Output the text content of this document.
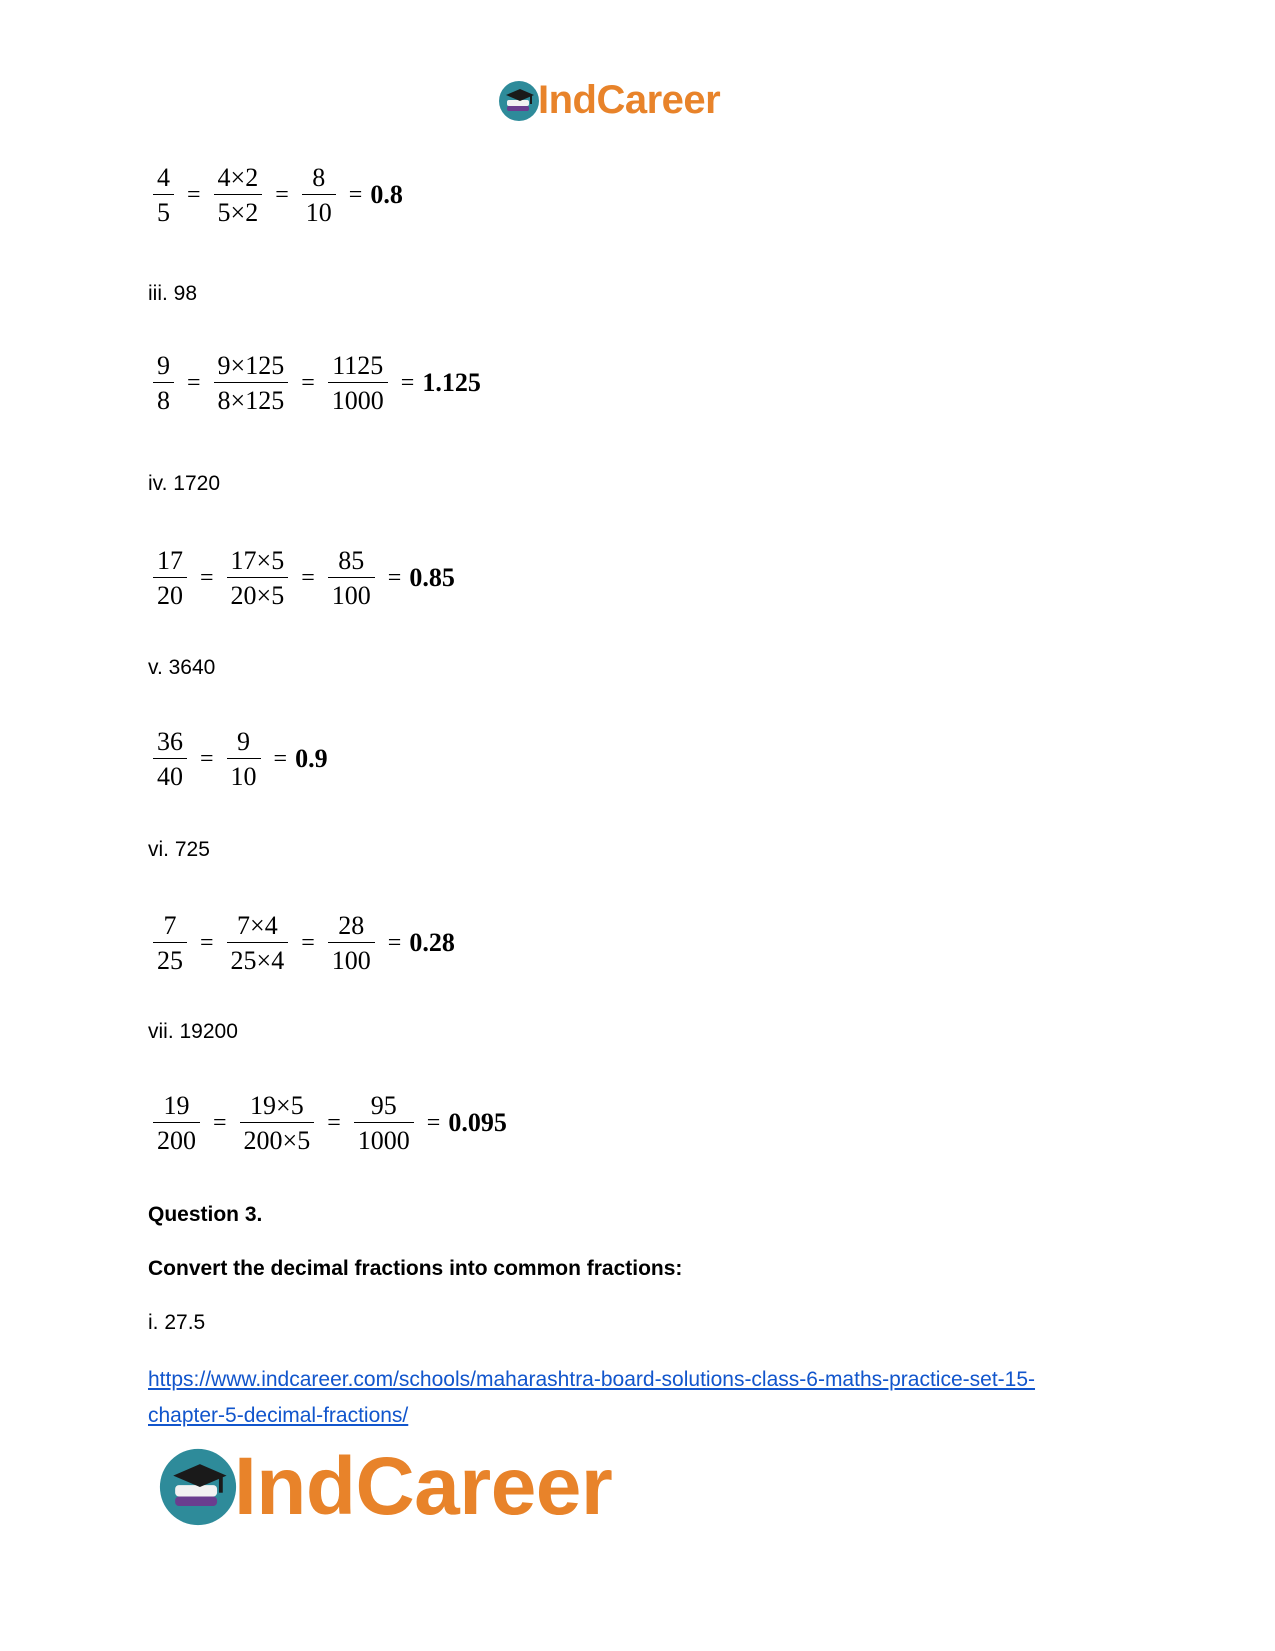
IndCareer
$\frac{4}{5} = \frac{4\times 2}{5\times 2} = \frac{8}{10} = 0.8$
iii. 98
$\frac{9}{8} = \frac{9\times 125}{8\times 125} = \frac{1125}{1000} = 1.125$
iv. 1720
$\frac{17}{20} = \frac{17\times 5}{20\times 5} = \frac{85}{100} = 0.85$
v. 3640
$\frac{36}{40} = \frac{9}{10} = 0.9$
vi. 725
$\frac{7}{25} = \frac{7\times 4}{25\times 4} = \frac{28}{100} = 0.28$
vii. 19200
$\frac{19}{200} = \frac{19\times 5}{200\times 5} = \frac{95}{1000} = 0.095$
Question 3.
Convert the decimal fractions into common fractions:
i. 27.5
https://www.indcareer.com/schools/maharashtra-board-solutions-class-6-maths-practice-set-15-
chapter-5-decimal-fractions/
IndCareer
